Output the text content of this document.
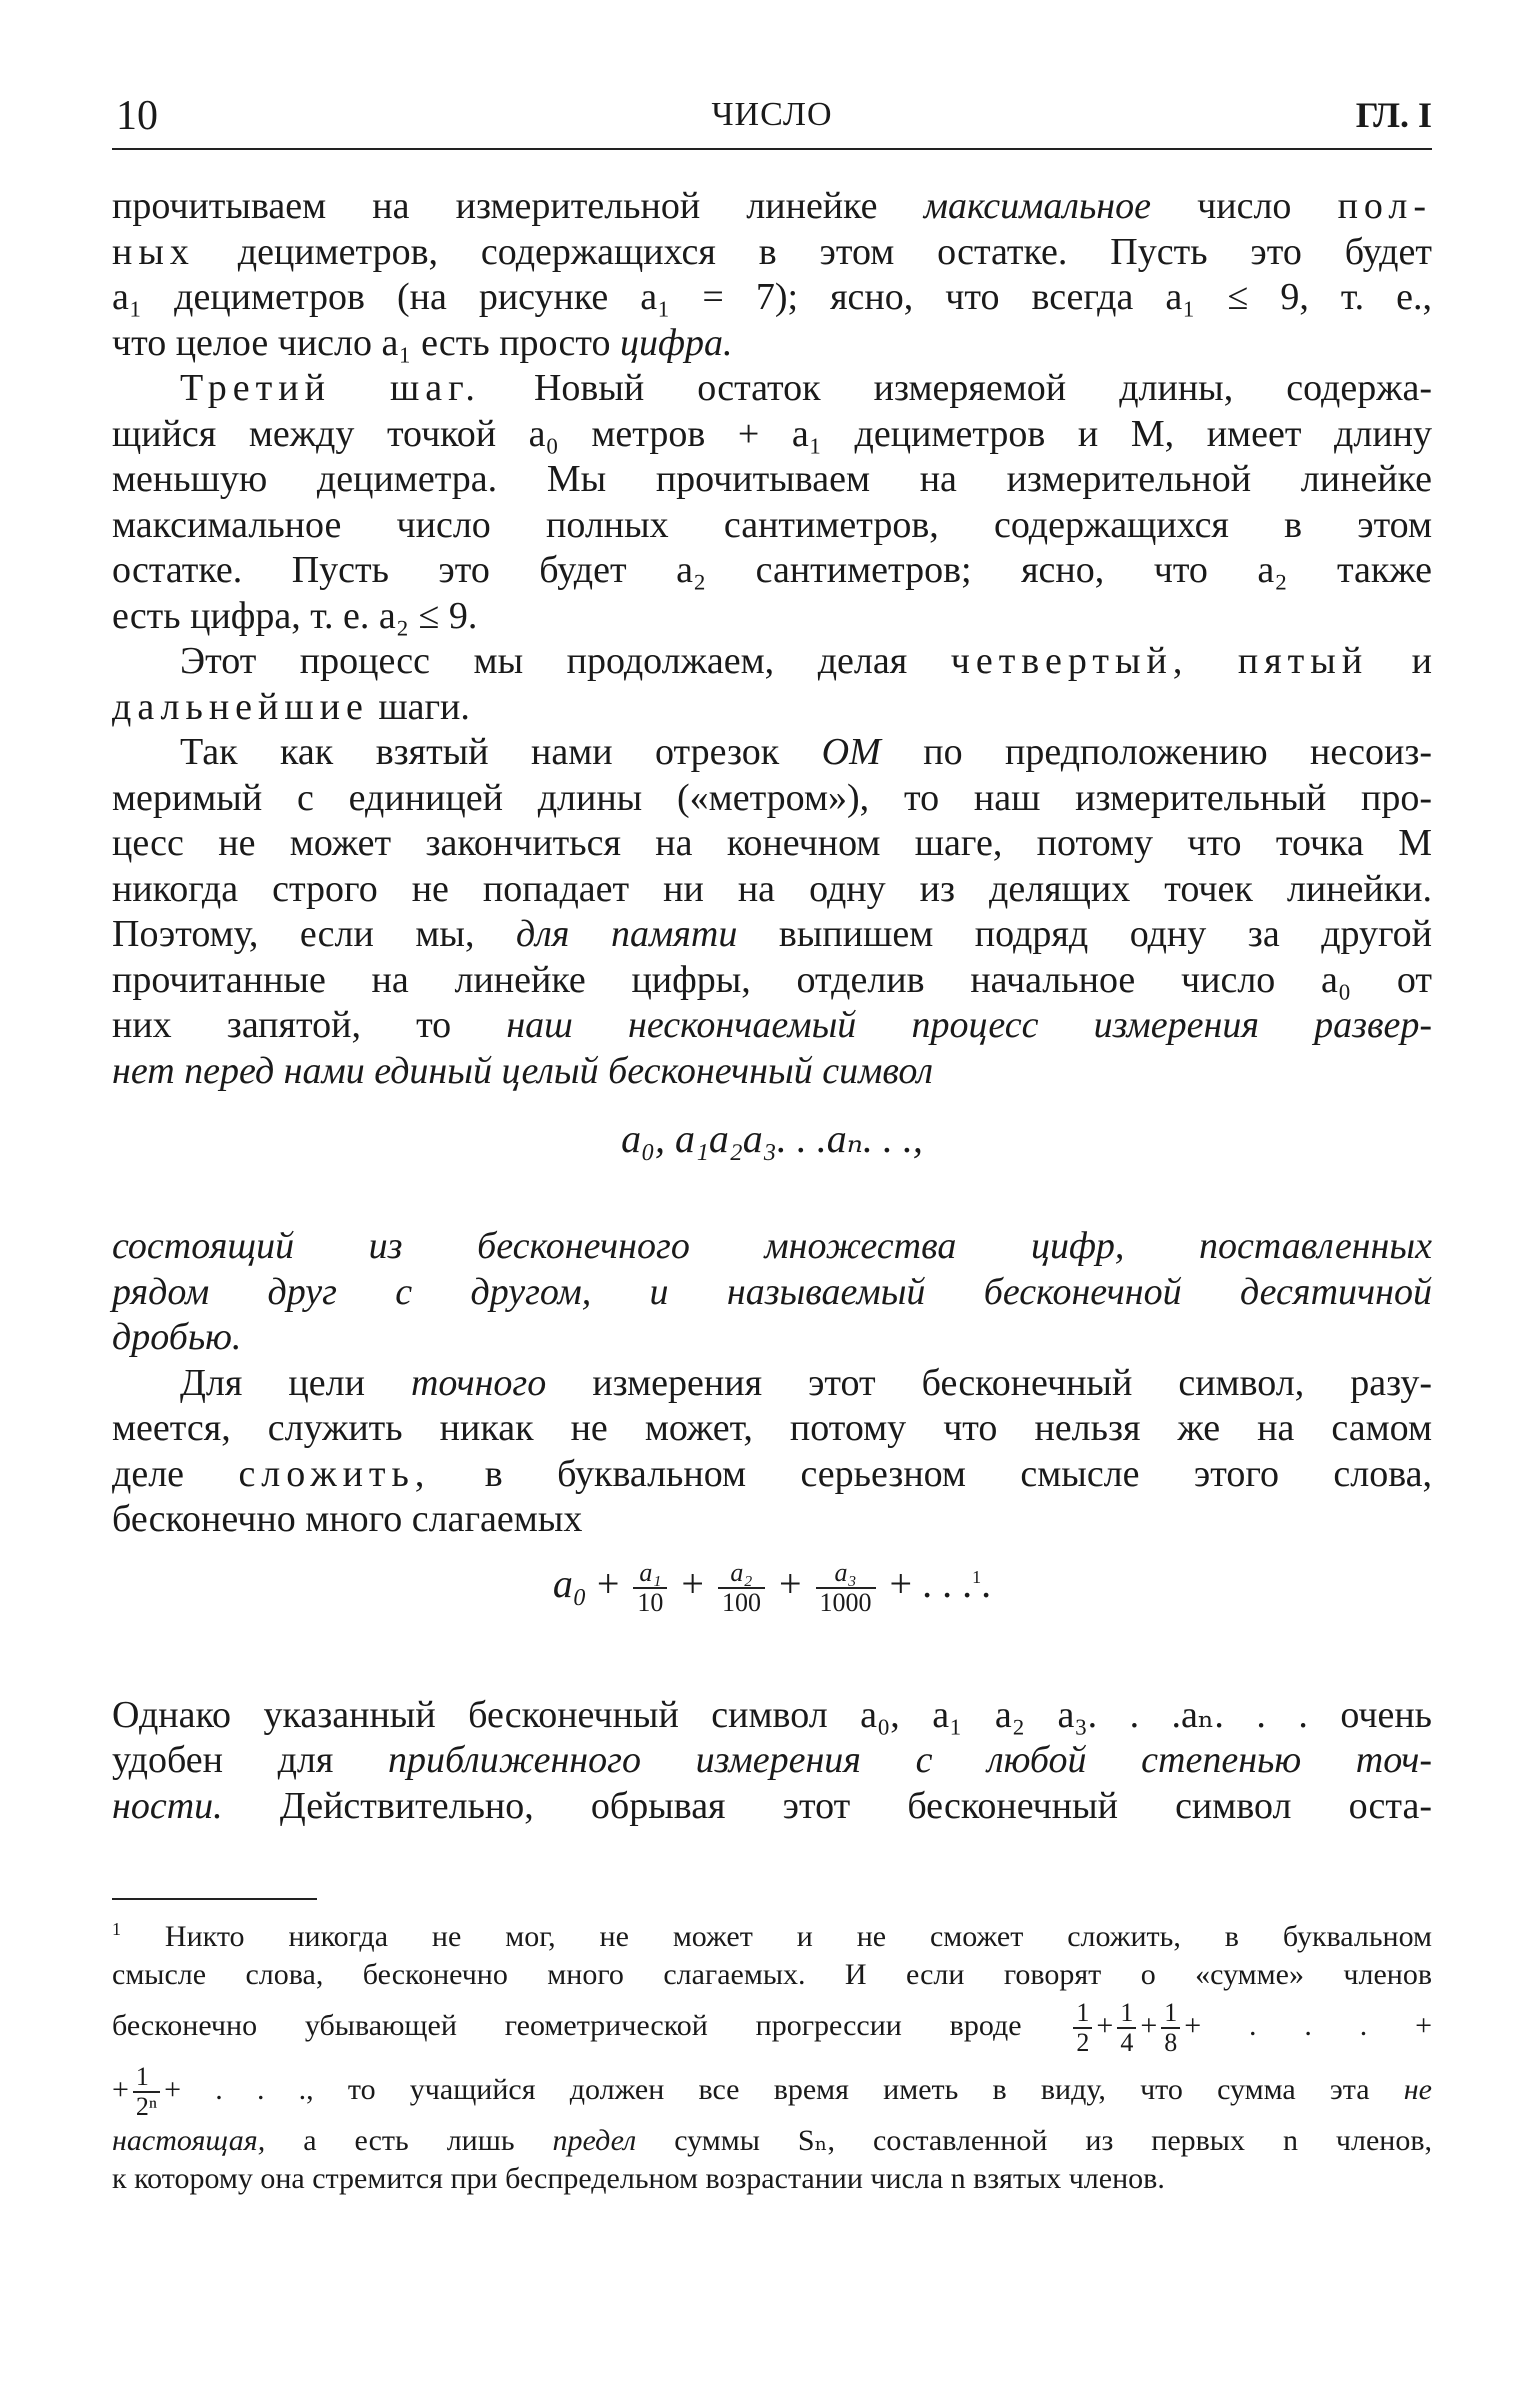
10	ЧИСЛО	ГЛ. I
прочитываем на измерительной линейке максимальное число пол-
ных дециметров, содержащихся в этом остатке. Пусть это будет
a₁ дециметров (на рисунке a₁ = 7); ясно, что всегда a₁ ≤ 9, т. е.,
что целое число a₁ есть просто цифра.
Третий шаг. Новый остаток измеряемой длины, содержа-
щийся между точкой a₀ метров + a₁ дециметров и M, имеет длину
меньшую дециметра. Мы прочитываем на измерительной линейке
максимальное число полных сантиметров, содержащихся в этом
остатке. Пусть это будет a₂ сантиметров; ясно, что a₂ также
есть цифра, т. е. a₂ ≤ 9.
Этот процесс мы продолжаем, делая четвертый, пятый и
дальнейшие шаги.
Так как взятый нами отрезок OM по предположению несоиз-
меримый с единицей длины («метром»), то наш измерительный про-
цесс не может закончиться на конечном шаге, потому что точка M
никогда строго не попадает ни на одну из делящих точек линейки.
Поэтому, если мы, для памяти выпишем подряд одну за другой
прочитанные на линейке цифры, отделив начальное число a₀ от
них запятой, то наш нескончаемый процесс измерения развер-
нет перед нами единый целый бесконечный символ
a₀, a₁a₂a₃. . .aₙ. . .,
состоящий из бесконечного множества цифр, поставленных
рядом друг с другом, и называемый бесконечной десятичной
дробью.
Для цели точного измерения этот бесконечный символ, разу-
меется, служить никак не может, потому что нельзя же на самом
деле сложить, в буквальном серьезном смысле этого слова,
бесконечно много слагаемых
$a_0 + \frac{\text{a₁}}{10} + \frac{\text{a₂}}{100} + \frac{\text{a₃}}{1000}$ + . . .$^1$.
Однако указанный бесконечный символ a₀, a₁ a₂ a₃. . .aₙ. . . очень
удобен для приближенного измерения с любой степенью точ-
ности. Действительно, обрывая этот бесконечный символ оста-
$^1$ Никто никогда не мог, не может и не сможет сложить, в буквальном
смысле слова, бесконечно много слагаемых. И если говорят о «сумме» членов
бесконечно убывающей геометрической прогрессии вроде $\frac{1}{2} + \frac{1}{4} + \frac{1}{8}$ + . . . +
+ $\frac{1}{\text{2ⁿ}}$ + . . ., то учащийся должен все время иметь в виду, что сумма эта не
настоящая, а есть лишь предел суммы Sₙ, составленной из первых n членов,
к которому она стремится при беспредельном возрастании числа n взятых членов.
